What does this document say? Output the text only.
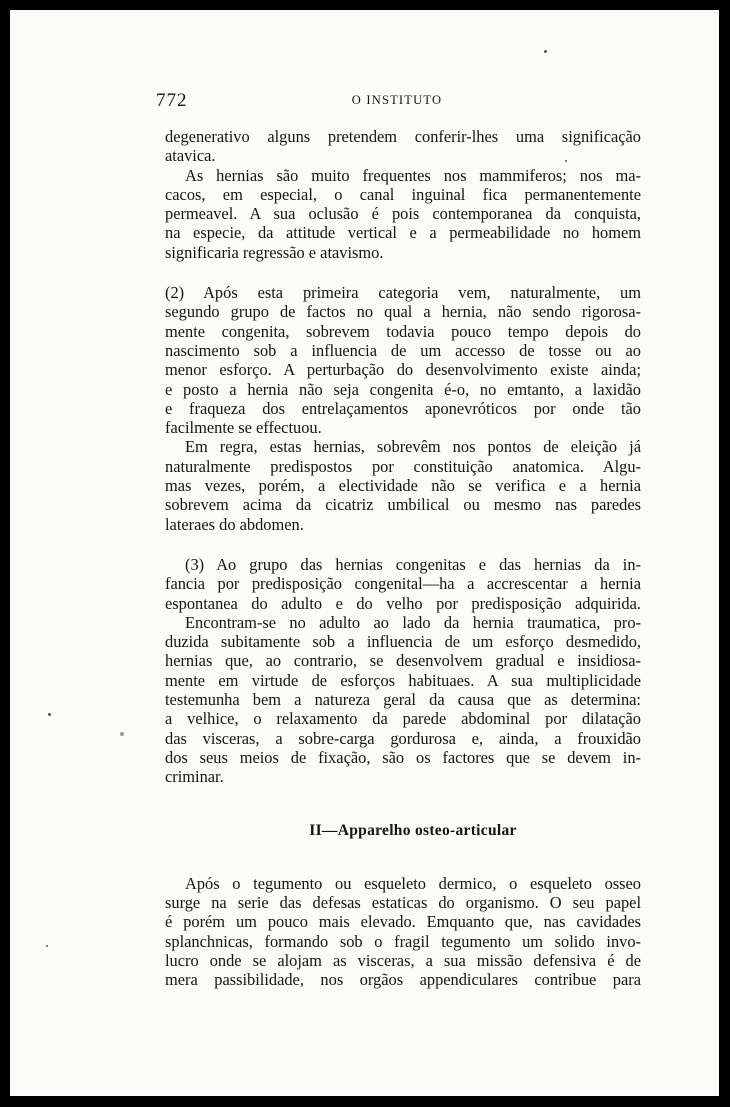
772	O INSTITUTO
degenerativo alguns pretendem conferir-lhes uma significação
atavica.
As hernias são muito frequentes nos mammiferos; nos ma-
cacos, em especial, o canal inguinal fica permanentemente
permeavel. A sua oclusão é pois contemporanea da conquista,
na especie, da attitude vertical e a permeabilidade no homem
significaria regressão e atavismo.
(2) Após esta primeira categoria vem, naturalmente, um
segundo grupo de factos no qual a hernia, não sendo rigorosa-
mente congenita, sobrevem todavia pouco tempo depois do
nascimento sob a influencia de um accesso de tosse ou ao
menor esforço. A perturbação do desenvolvimento existe ainda;
e posto a hernia não seja congenita é-o, no emtanto, a laxidão
e fraqueza dos entrelaçamentos aponevróticos por onde tão
facilmente se effectuou.
Em regra, estas hernias, sobrevêm nos pontos de eleição já
naturalmente predispostos por constituição anatomica. Algu-
mas vezes, porém, a electividade não se verifica e a hernia
sobrevem acima da cicatriz umbilical ou mesmo nas paredes
lateraes do abdomen.
(3) Ao grupo das hernias congenitas e das hernias da in-
fancia por predisposição congenital—ha a accrescentar a hernia
espontanea do adulto e do velho por predisposição adquirida.
Encontram-se no adulto ao lado da hernia traumatica, pro-
duzida subitamente sob a influencia de um esforço desmedido,
hernias que, ao contrario, se desenvolvem gradual e insidiosa-
mente em virtude de esforços habituaes. A sua multiplicidade
testemunha bem a natureza geral da causa que as determina:
a velhice, o relaxamento da parede abdominal por dilatação
das visceras, a sobre-carga gordurosa e, ainda, a frouxidão
dos seus meios de fixação, são os factores que se devem in-
criminar.
II—Apparelho osteo-articular
Após o tegumento ou esqueleto dermico, o esqueleto osseo
surge na serie das defesas estaticas do organismo. O seu papel
é porém um pouco mais elevado. Emquanto que, nas cavidades
splanchnicas, formando sob o fragil tegumento um solido invo-
lucro onde se alojam as visceras, a sua missão defensiva é de
mera passibilidade, nos orgãos appendiculares contribue para
